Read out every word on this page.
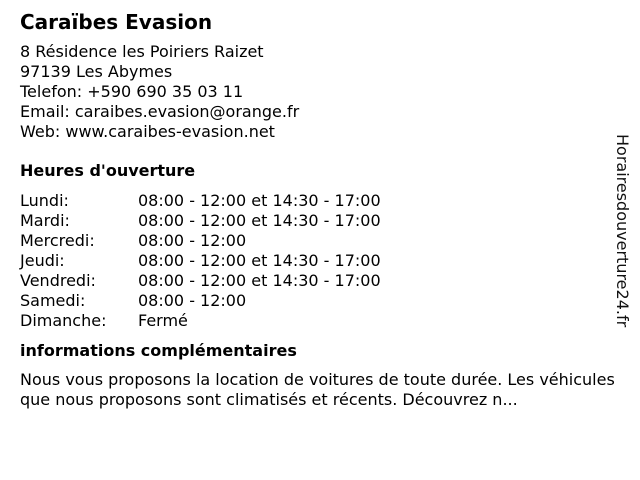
Caraïbes Evasion
8 Résidence les Poiriers Raizet
97139 Les Abymes
Telefon: +590 690 35 03 11
Email: caraibes.evasion@orange.fr
Web: www.caraibes-evasion.net
Heures d'ouverture
Lundi:	08:00 - 12:00 et 14:30 - 17:00
Mardi:	08:00 - 12:00 et 14:30 - 17:00
Mercredi:	08:00 - 12:00
Jeudi:	08:00 - 12:00 et 14:30 - 17:00
Vendredi:	08:00 - 12:00 et 14:30 - 17:00
Samedi:	08:00 - 12:00
Dimanche:	Fermé
informations complémentaires

Nous vous proposons la location de voitures de toute durée. Les véhicules que nous proposons sont climatisés et récents. Découvrez n...

Horairesdouverture24.fr
